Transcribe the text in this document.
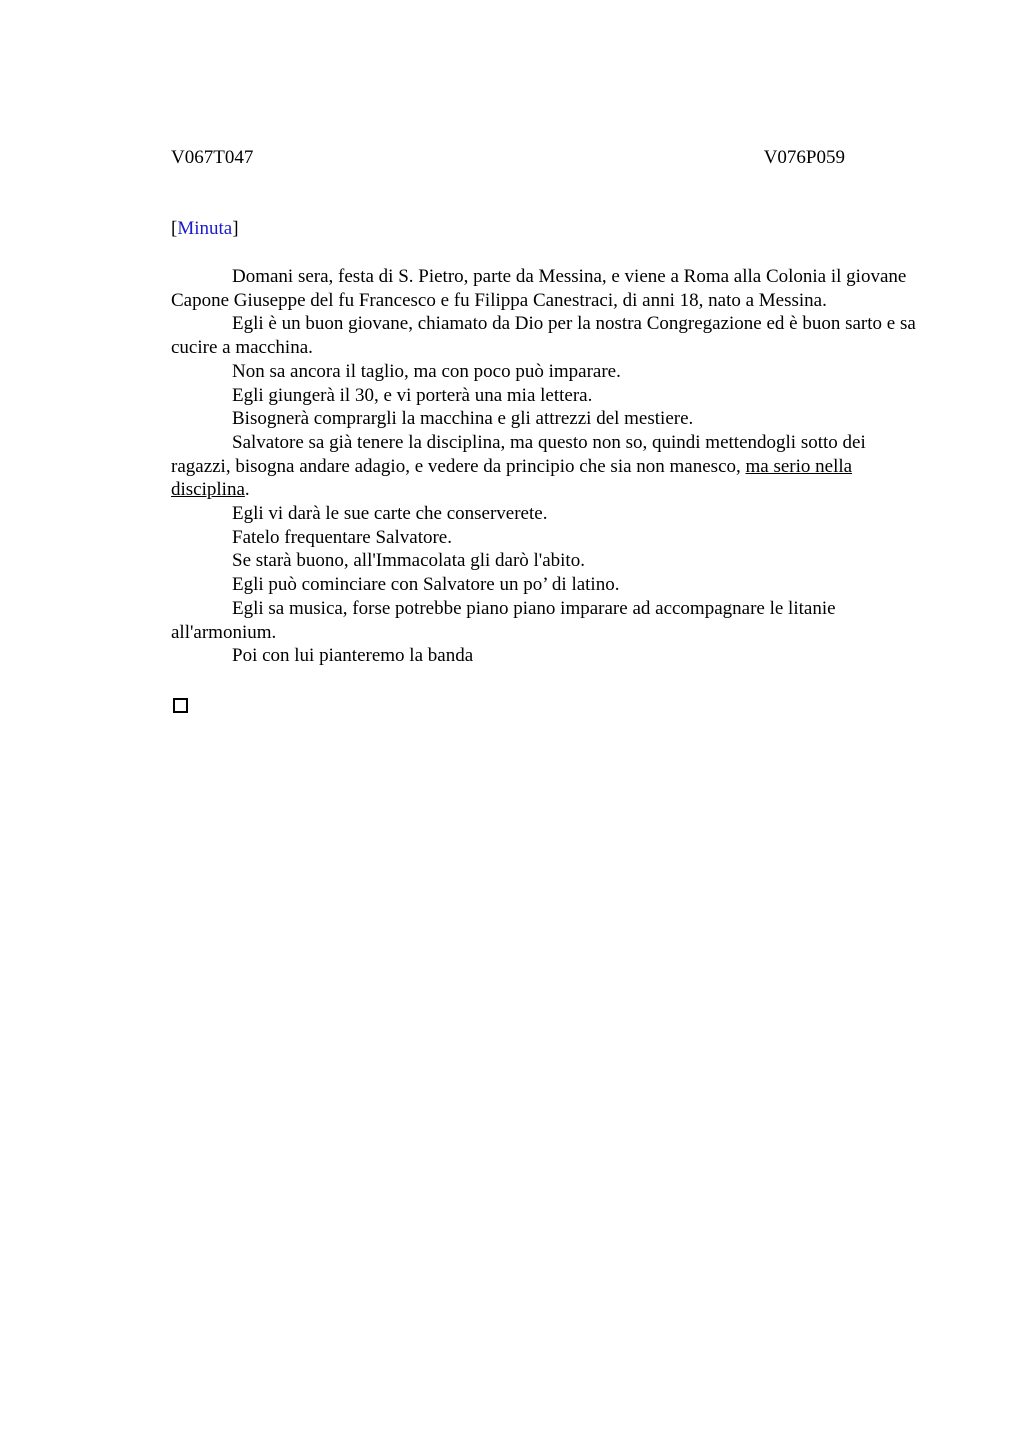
V067T047	V076P059
[Minuta]

Domani sera, festa di S. Pietro, parte da Messina, e viene a Roma alla Colonia il giovane Capone Giuseppe del fu Francesco e fu Filippa Canestraci, di anni 18, nato a Messina.

Egli è un buon giovane, chiamato da Dio per la nostra Congregazione ed è buon sarto e sa cucire a macchina.

Non sa ancora il taglio, ma con poco può imparare.

Egli giungerà il 30, e vi porterà una mia lettera.

Bisognerà comprargli la macchina e gli attrezzi del mestiere.

Salvatore sa già tenere la disciplina, ma questo non so, quindi mettendogli sotto dei ragazzi, bisogna andare adagio, e vedere da principio che sia non manesco, ma serio nella disciplina.

Egli vi darà le sue carte che conserverete.

Fatelo frequentare Salvatore.

Se starà buono, all'Immacolata gli darò l'abito.

Egli può cominciare con Salvatore un po’ di latino.

Egli sa musica, forse potrebbe piano piano imparare ad accompagnare le litanie all'armonium.

Poi con lui pianteremo la banda
